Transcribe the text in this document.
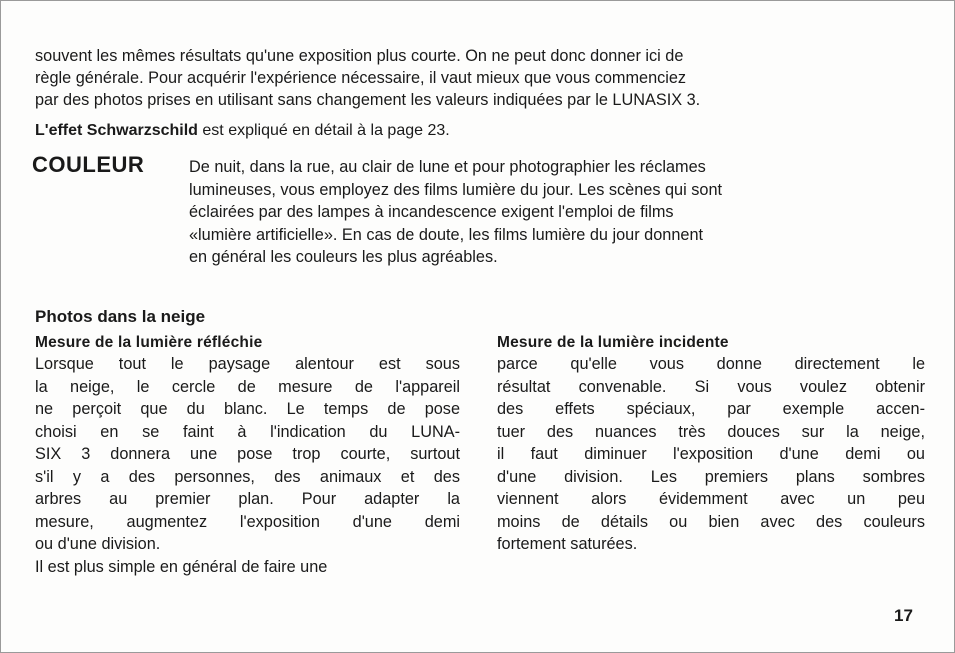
souvent les mêmes résultats qu'une exposition plus courte. On ne peut donc donner ici de
règle générale. Pour acquérir l'expérience nécessaire, il vaut mieux que vous commenciez
par des photos prises en utilisant sans changement les valeurs indiquées par le LUNASIX 3.
L'effet Schwarzschild est expliqué en détail à la page 23.
COULEUR	De nuit, dans la rue, au clair de lune et pour photographier les réclames
lumineuses, vous employez des films lumière du jour. Les scènes qui sont
éclairées par des lampes à incandescence exigent l'emploi de films
«lumière artificielle». En cas de doute, les films lumière du jour donnent
en général les couleurs les plus agréables.
Photos dans la neige
Mesure de la lumière réfléchie
Lorsque tout le paysage alentour est sous
la neige, le cercle de mesure de l'appareil
ne perçoit que du blanc. Le temps de pose
choisi en se faint à l'indication du LUNA-
SIX 3 donnera une pose trop courte, surtout
s'il y a des personnes, des animaux et des
arbres au premier plan. Pour adapter la
mesure, augmentez l'exposition d'une demi
ou d'une division.
Il est plus simple en général de faire une
Mesure de la lumière incidente
parce qu'elle vous donne directement le
résultat convenable. Si vous voulez obtenir
des effets spéciaux, par exemple accen-
tuer des nuances très douces sur la neige,
il faut diminuer l'exposition d'une demi ou
d'une division. Les premiers plans sombres
viennent alors évidemment avec un peu
moins de détails ou bien avec des couleurs
fortement saturées.
17
